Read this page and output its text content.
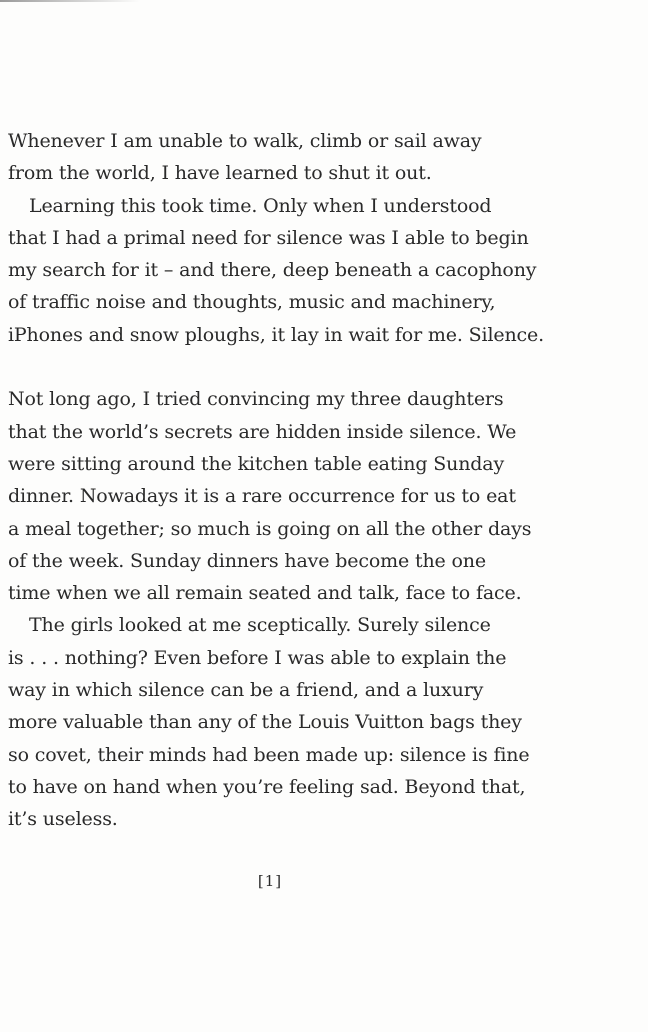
Whenever I am unable to walk, climb or sail away
from the world, I have learned to shut it out.
Learning this took time. Only when I understood
that I had a primal need for silence was I able to begin
my search for it – and there, deep beneath a cacophony
of traffic noise and thoughts, music and machinery,
iPhones and snow ploughs, it lay in wait for me. Silence.
Not long ago, I tried convincing my three daughters
that the world’s secrets are hidden inside silence. We
were sitting around the kitchen table eating Sunday
dinner. Nowadays it is a rare occurrence for us to eat
a meal together; so much is going on all the other days
of the week. Sunday dinners have become the one
time when we all remain seated and talk, face to face.
The girls looked at me sceptically. Surely silence
is . . . nothing? Even before I was able to explain the
way in which silence can be a friend, and a luxury
more valuable than any of the Louis Vuitton bags they
so covet, their minds had been made up: silence is fine
to have on hand when you’re feeling sad. Beyond that,
it’s useless.
[1]
